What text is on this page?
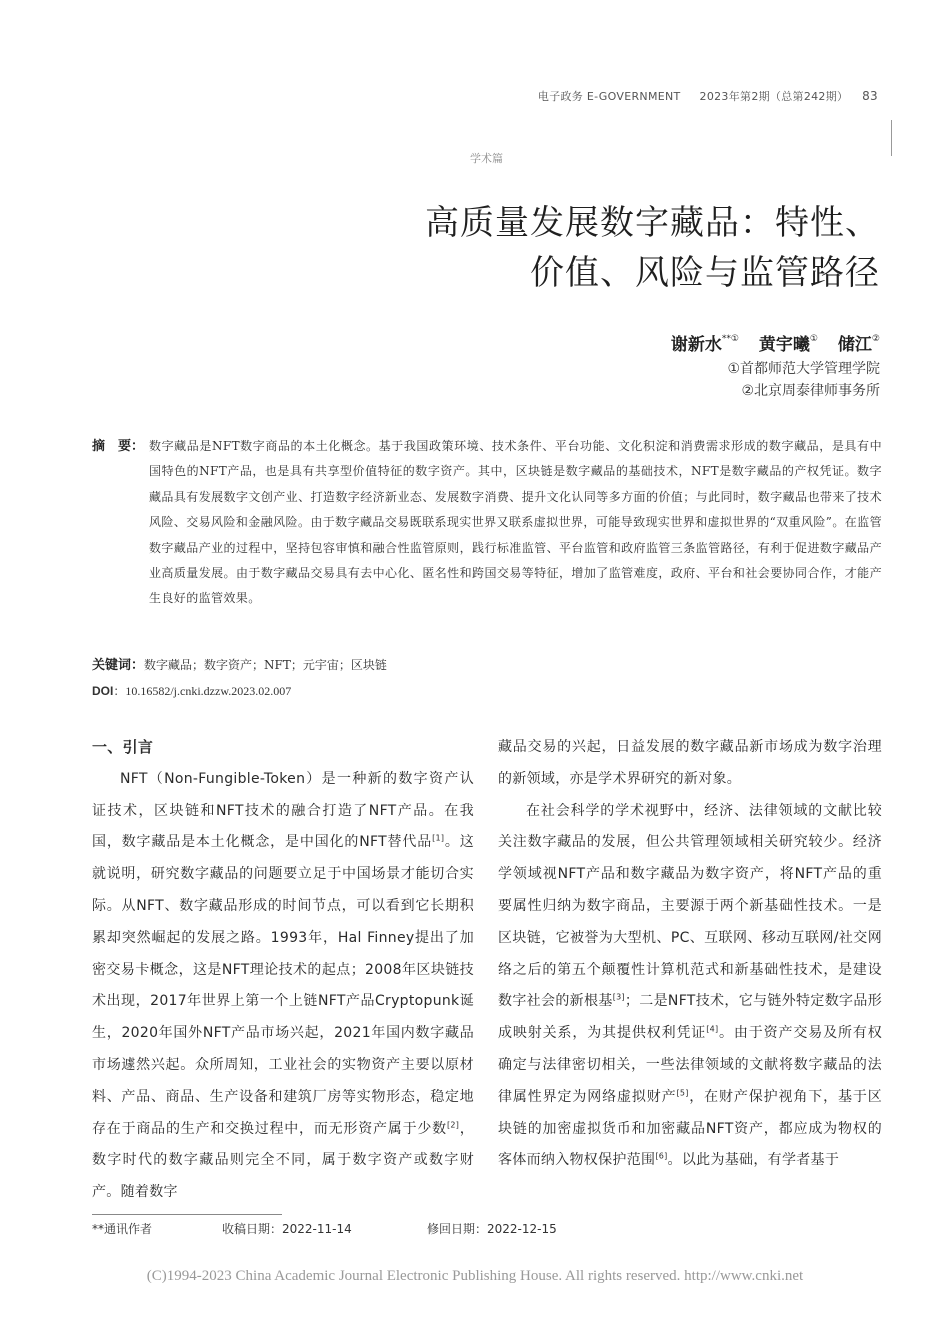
电子政务 E-GOVERNMENT 2023年第2期（总第242期） 83
学术篇
高质量发展数字藏品：特性、
价值、风险与监管路径
谢新水**① 黄宇曦① 储江②
①首都师范大学管理学院
②北京周泰律师事务所
摘　要： 数字藏品是NFT数字商品的本土化概念。基于我国政策环境、技术条件、平台功能、文化积淀和消费需求形成的数字藏品，是具有中国特色的NFT产品，也是具有共享型价值特征的数字资产。其中，区块链是数字藏品的基础技术，NFT是数字藏品的产权凭证。数字藏品具有发展数字文创产业、打造数字经济新业态、发展数字消费、提升文化认同等多方面的价值；与此同时，数字藏品也带来了技术风险、交易风险和金融风险。由于数字藏品交易既联系现实世界又联系虚拟世界，可能导致现实世界和虚拟世界的“双重风险”。在监管数字藏品产业的过程中，坚持包容审慎和融合性监管原则，践行标准监管、平台监管和政府监管三条监管路径，有利于促进数字藏品产业高质量发展。由于数字藏品交易具有去中心化、匿名性和跨国交易等特征，增加了监管难度，政府、平台和社会要协同合作，才能产生良好的监管效果。
关键词：数字藏品；数字资产；NFT；元宇宙；区块链
DOI：10.16582/j.cnki.dzzw.2023.02.007

一、引言

NFT（Non-Fungible-Token）是一种新的数字资产认证技术，区块链和NFT技术的融合打造了NFT产品。在我国，数字藏品是本土化概念，是中国化的NFT替代品[1]。这就说明，研究数字藏品的问题要立足于中国场景才能切合实际。从NFT、数字藏品形成的时间节点，可以看到它长期积累却突然崛起的发展之路。1993年，Hal Finney提出了加密交易卡概念，这是NFT理论技术的起点；2008年区块链技术出现，2017年世界上第一个上链NFT产品Cryptopunk诞生，2020年国外NFT产品市场兴起，2021年国内数字藏品市场遽然兴起。众所周知，工业社会的实物资产主要以原材料、产品、商品、生产设备和建筑厂房等实物形态，稳定地存在于商品的生产和交换过程中，而无形资产属于少数[2]，数字时代的数字藏品则完全不同，属于数字资产或数字财产。随着数字

藏品交易的兴起，日益发展的数字藏品新市场成为数字治理的新领域，亦是学术界研究的新对象。

在社会科学的学术视野中，经济、法律领域的文献比较关注数字藏品的发展，但公共管理领域相关研究较少。经济学领域视NFT产品和数字藏品为数字资产，将NFT产品的重要属性归纳为数字商品，主要源于两个新基础性技术。一是区块链，它被誉为大型机、PC、互联网、移动互联网/社交网络之后的第五个颠覆性计算机范式和新基础性技术，是建设数字社会的新根基[3]；二是NFT技术，它与链外特定数字品形成映射关系，为其提供权利凭证[4]。由于资产交易及所有权确定与法律密切相关，一些法律领域的文献将数字藏品的法律属性界定为网络虚拟财产[5]，在财产保护视角下，基于区块链的加密虚拟货币和加密藏品NFT资产，都应成为物权的客体而纳入物权保护范围[6]。以此为基础，有学者基于

**通讯作者	收稿日期：2022-11-14	修回日期：2022-12-15
(C)1994-2023 China Academic Journal Electronic Publishing House. All rights reserved. http://www.cnki.net
